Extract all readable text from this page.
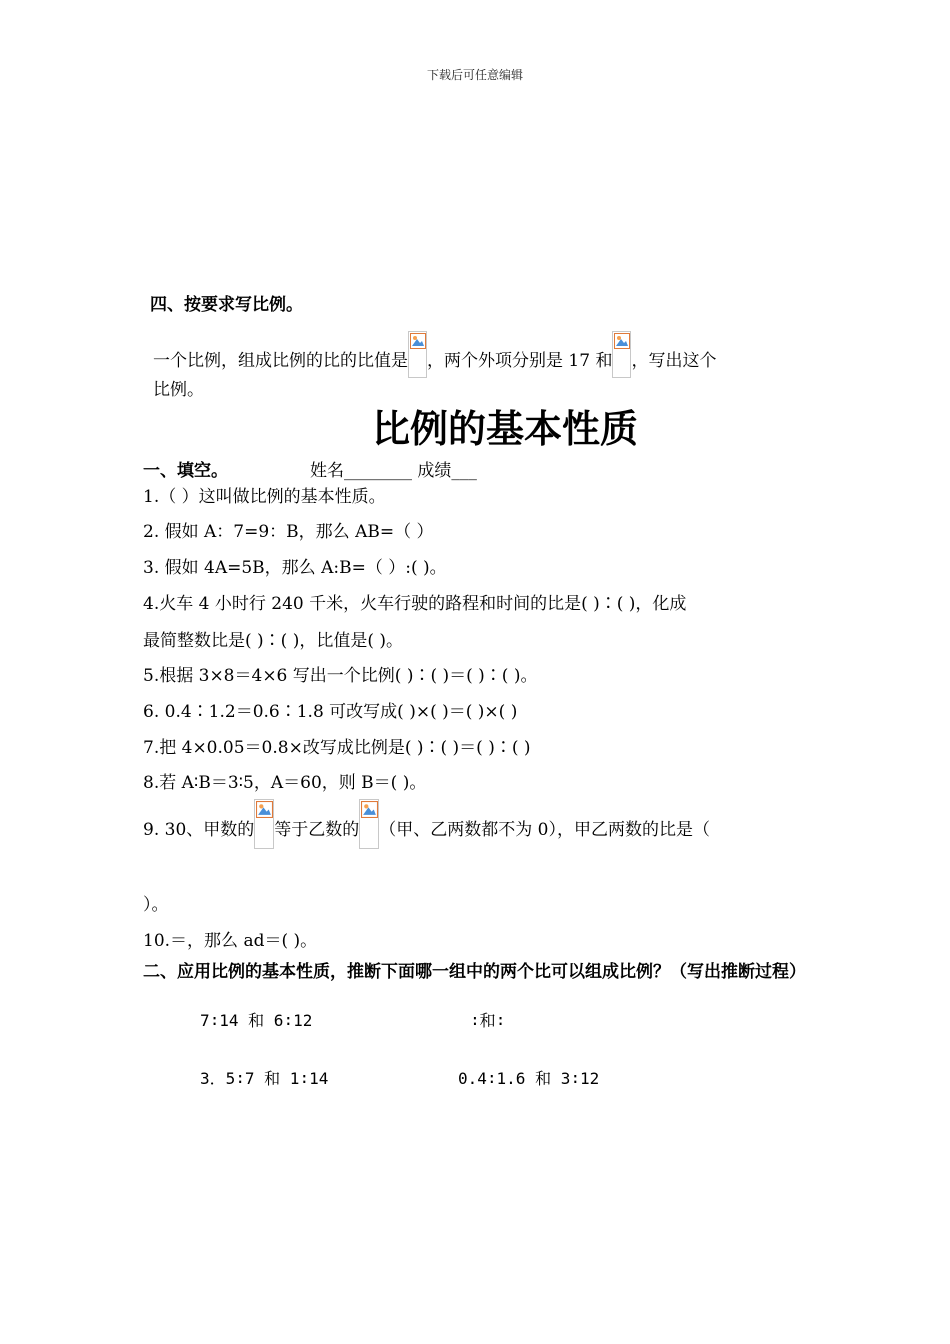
下载后可任意编辑
四、按要求写比例。
一个比例，组成比例的比的比值是 ，两个外项分别是 17 和 ，写出这个
比例。
比例的基本性质
一、填空。	姓名________ 成绩___
1.（ ）这叫做比例的基本性质。
2. 假如 A：7=9：B，那么 AB=（ ）
3. 假如 4A=5B，那么 A:B=（ ）:( )。
4.火车 4 小时行 240 千米，火车行驶的路程和时间的比是( )∶( )，化成
最简整数比是( )∶( )，比值是( )。
5.根据 3×8＝4×6 写出一个比例( )∶( )＝( )∶( )。
6. 0.4∶1.2＝0.6∶1.8 可改写成( )×( )＝( )×( )
7.把 4×0.05＝0.8×改写成比例是( )∶( )＝( )∶( )
8.若 A∶B＝3∶5，A＝60，则 B＝( )。
9. 30、甲数的 等于乙数的 （甲、乙两数都不为 0），甲乙两数的比是（
）。
10.＝，那么 ad＝( )。
二、应用比例的基本性质，推断下面哪一组中的两个比可以组成比例？（写出推断过程）
7∶14 和 6∶12	∶和∶
3．5∶7 和 1∶14	0.4∶1.6 和 3∶12
